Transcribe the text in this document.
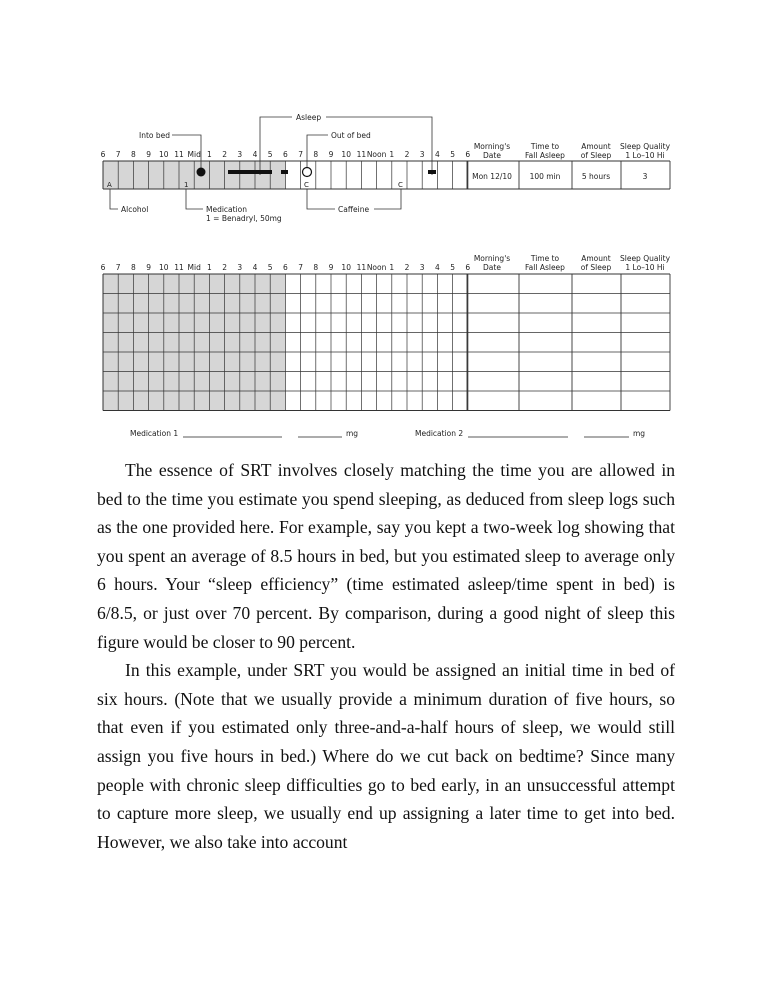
6 7 8 9 10 11 Mid 1 2 3 4 5 6 7 8 9 10 11 Noon 1 2 3 4 5 6
Asleep
Into bed	Out of bed
Alcohol	Medication
1 = Benadryl, 50mg
Caffeine
Morning's
Date
Time to
Fall Asleep
Amount
of Sleep
Sleep Quality
1 Lo–10 Hi
A	1	C	C
Mon 12/10 100 min	5 hours	3
6 7 8 9 10 11 Mid 1 2 3 4 5 6 7 8 9 10 11 Noon 1 2 3 4 5 6
Morning's
Date
Time to
Fall Asleep
Amount
of Sleep
Sleep Quality
1 Lo–10 Hi
Medication 1	mg	Medication 2	mg

The essence of SRT involves closely matching the time you are allowed in bed to the time you estimate you spend sleeping, as deduced from sleep logs such as the one provided here. For example, say you kept a two-week log showing that you spent an average of 8.5 hours in bed, but you estimated sleep to average only 6 hours. Your “sleep efficiency” (time estimated asleep/time spent in bed) is 6/8.5, or just over 70 percent. By comparison, during a good night of sleep this figure would be closer to 90 percent.

In this example, under SRT you would be assigned an initial time in bed of six hours. (Note that we usually provide a minimum duration of five hours, so that even if you estimated only three-and-a-half hours of sleep, we would still assign you five hours in bed.) Where do we cut back on bedtime? Since many people with chronic sleep difficulties go to bed early, in an unsuccessful attempt to capture more sleep, we usually end up assigning a later time to get into bed. However, we also take into account
